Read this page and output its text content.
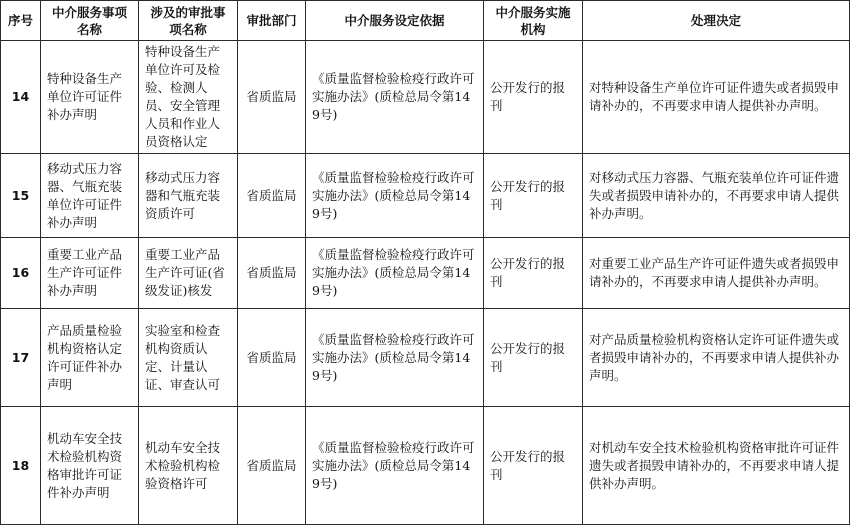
序号	中介服务事项名称	涉及的审批事项名称	审批部门	中介服务设定依据	中介服务实施机构	处理决定
14	特种设备生产单位许可证件补办声明	特种设备生产单位许可及检验、检测人员、安全管理人员和作业人员资格认定	省质监局	《质量监督检验检疫行政许可实施办法》(质检总局令第149号)	公开发行的报刊	对特种设备生产单位许可证件遗失或者损毁申请补办的，不再要求申请人提供补办声明。
15	移动式压力容器、气瓶充装单位许可证件补办声明	移动式压力容器和气瓶充装资质许可	省质监局	《质量监督检验检疫行政许可实施办法》(质检总局令第149号)	公开发行的报刊	对移动式压力容器、气瓶充装单位许可证件遗失或者损毁申请补办的，不再要求申请人提供补办声明。
16	重要工业产品生产许可证件补办声明	重要工业产品生产许可证(省级发证)核发	省质监局	《质量监督检验检疫行政许可实施办法》(质检总局令第149号)	公开发行的报刊	对重要工业产品生产许可证件遗失或者损毁申请补办的，不再要求申请人提供补办声明。
17	产品质量检验机构资格认定许可证件补办声明	实验室和检查机构资质认定、计量认证、审查认可	省质监局	《质量监督检验检疫行政许可实施办法》(质检总局令第149号)	公开发行的报刊	对产品质量检验机构资格认定许可证件遗失或者损毁申请补办的，不再要求申请人提供补办声明。
18	机动车安全技术检验机构资格审批许可证件补办声明	机动车安全技术检验机构检验资格许可	省质监局	《质量监督检验检疫行政许可实施办法》(质检总局令第149号)	公开发行的报刊	对机动车安全技术检验机构资格审批许可证件遗失或者损毁申请补办的，不再要求申请人提供补办声明。
